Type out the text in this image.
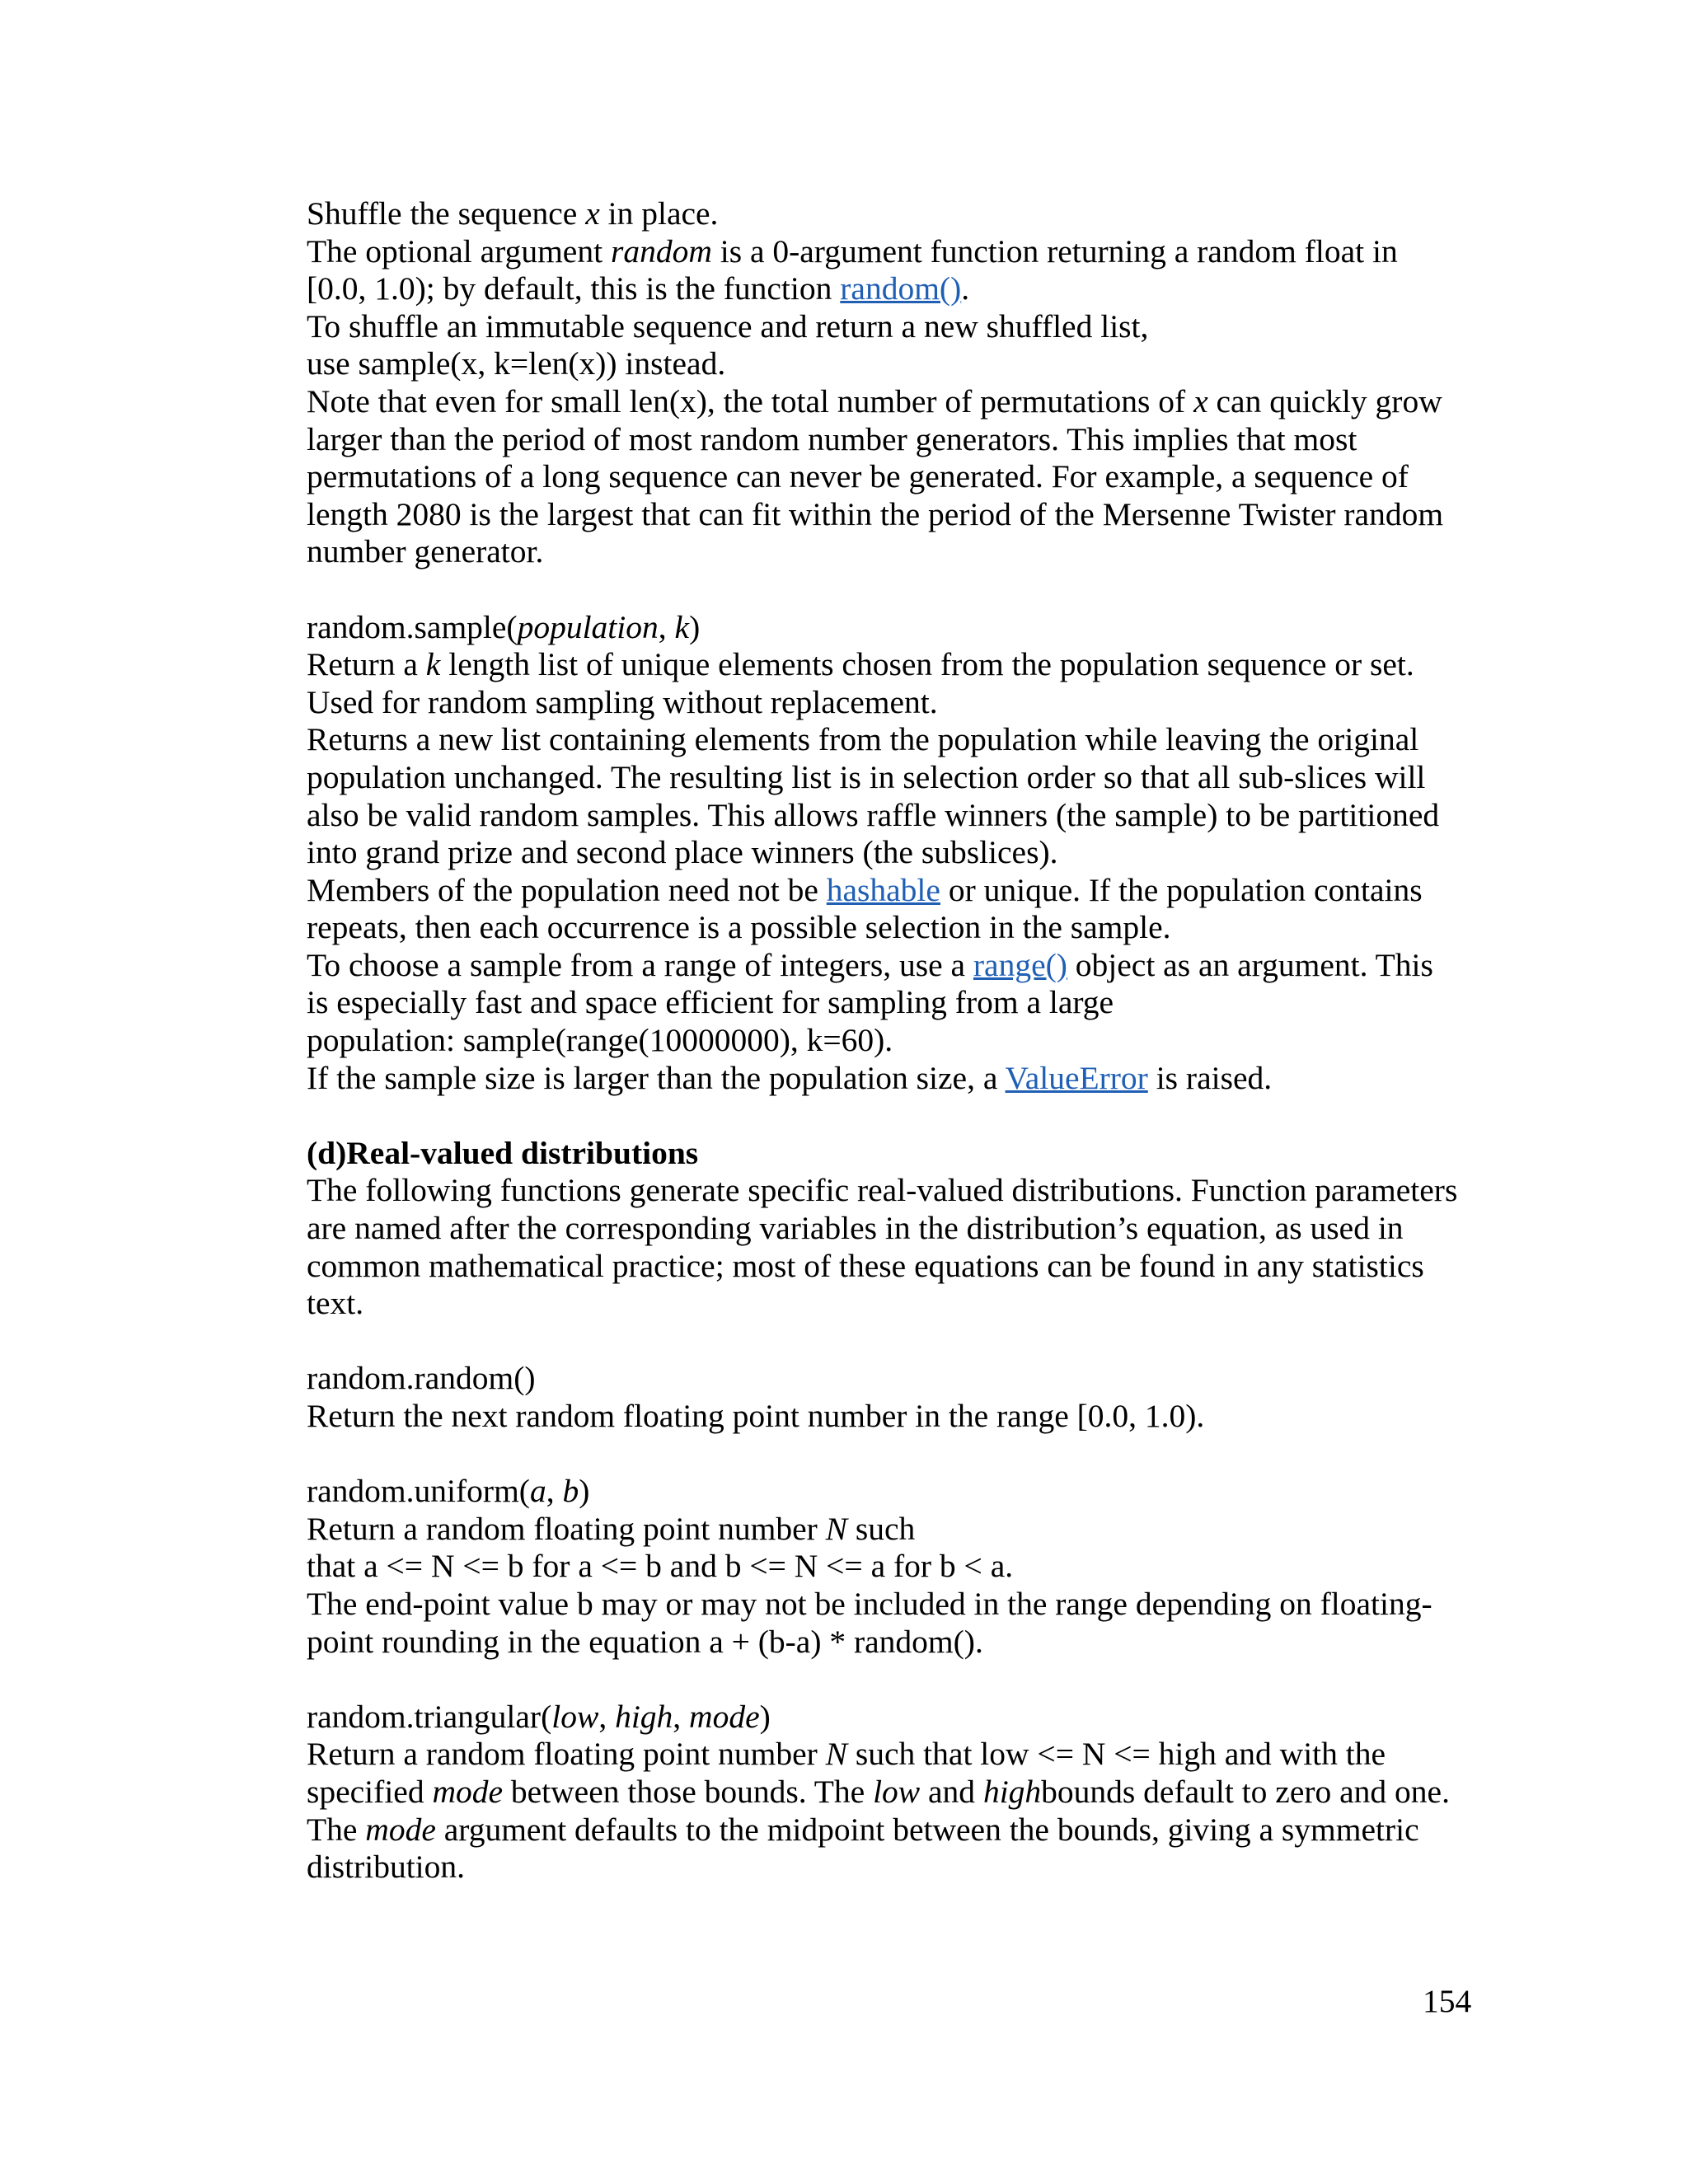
Shuffle the sequence x in place.
The optional argument random is a 0-argument function returning a random float in
[0.0, 1.0); by default, this is the function random().
To shuffle an immutable sequence and return a new shuffled list,
use sample(x, k=len(x)) instead.
Note that even for small len(x), the total number of permutations of x can quickly grow
larger than the period of most random number generators. This implies that most
permutations of a long sequence can never be generated. For example, a sequence of
length 2080 is the largest that can fit within the period of the Mersenne Twister random
number generator.
random.sample(population, k)
Return a k length list of unique elements chosen from the population sequence or set.
Used for random sampling without replacement.
Returns a new list containing elements from the population while leaving the original
population unchanged. The resulting list is in selection order so that all sub-slices will
also be valid random samples. This allows raffle winners (the sample) to be partitioned
into grand prize and second place winners (the subslices).
Members of the population need not be hashable or unique. If the population contains
repeats, then each occurrence is a possible selection in the sample.
To choose a sample from a range of integers, use a range() object as an argument. This
is especially fast and space efficient for sampling from a large
population: sample(range(10000000), k=60).
If the sample size is larger than the population size, a ValueError is raised.
(d)Real-valued distributions
The following functions generate specific real-valued distributions. Function parameters
are named after the corresponding variables in the distribution’s equation, as used in
common mathematical practice; most of these equations can be found in any statistics
text.
random.random()
Return the next random floating point number in the range [0.0, 1.0).
random.uniform(a, b)
Return a random floating point number N such
that a <= N <= b for a <= b and b <= N <= a for b < a.
The end-point value b may or may not be included in the range depending on floating-
point rounding in the equation a + (b-a) * random().
random.triangular(low, high, mode)
Return a random floating point number N such that low <= N <= high and with the
specified mode between those bounds. The low and highbounds default to zero and one.
The mode argument defaults to the midpoint between the bounds, giving a symmetric
distribution.
154
